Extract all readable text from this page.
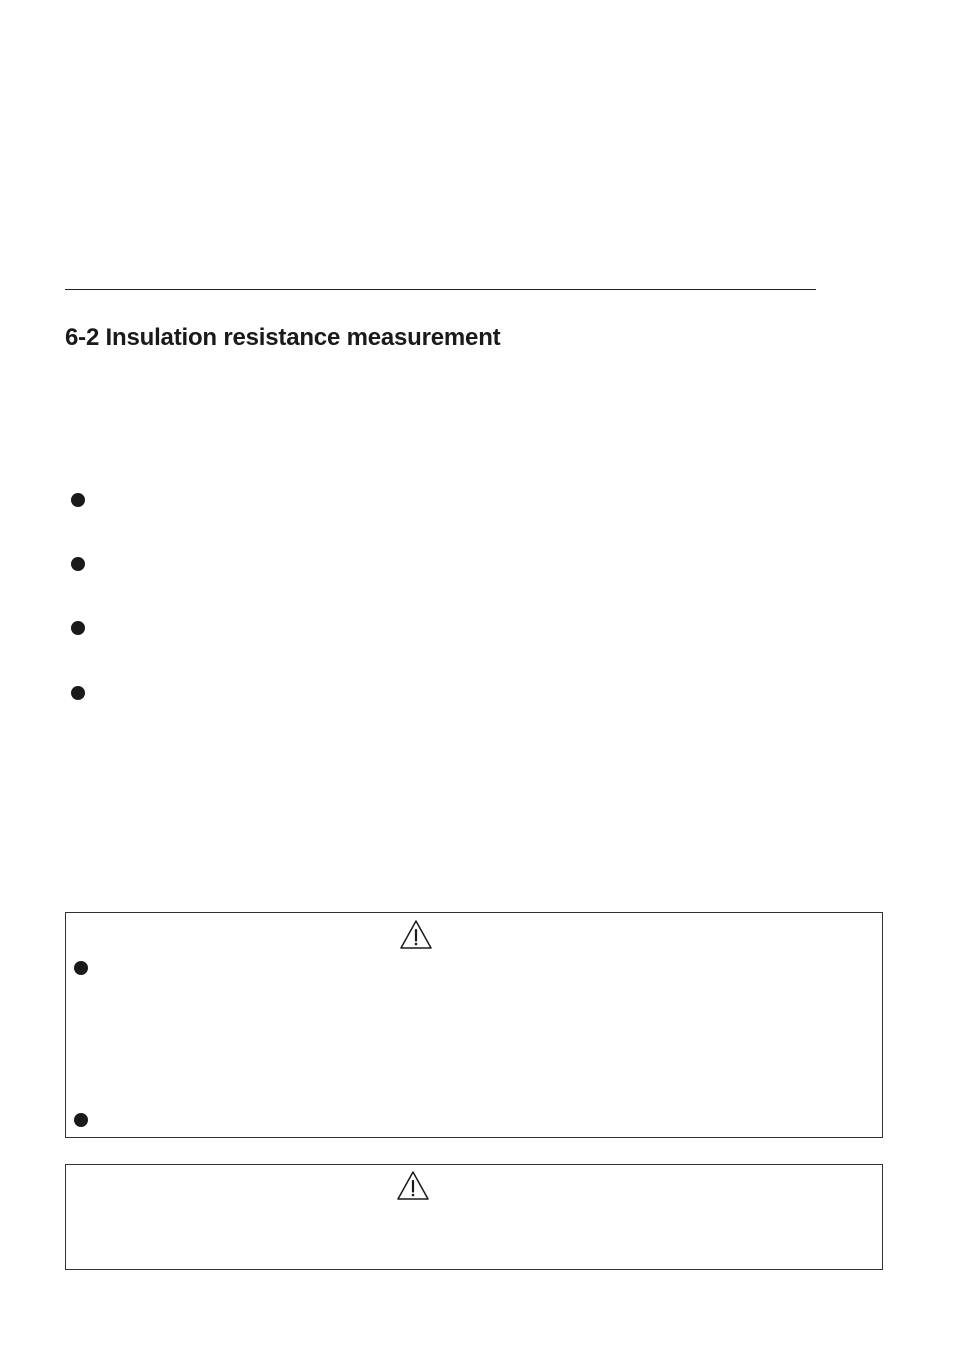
6-2 Insulation resistance measurement
